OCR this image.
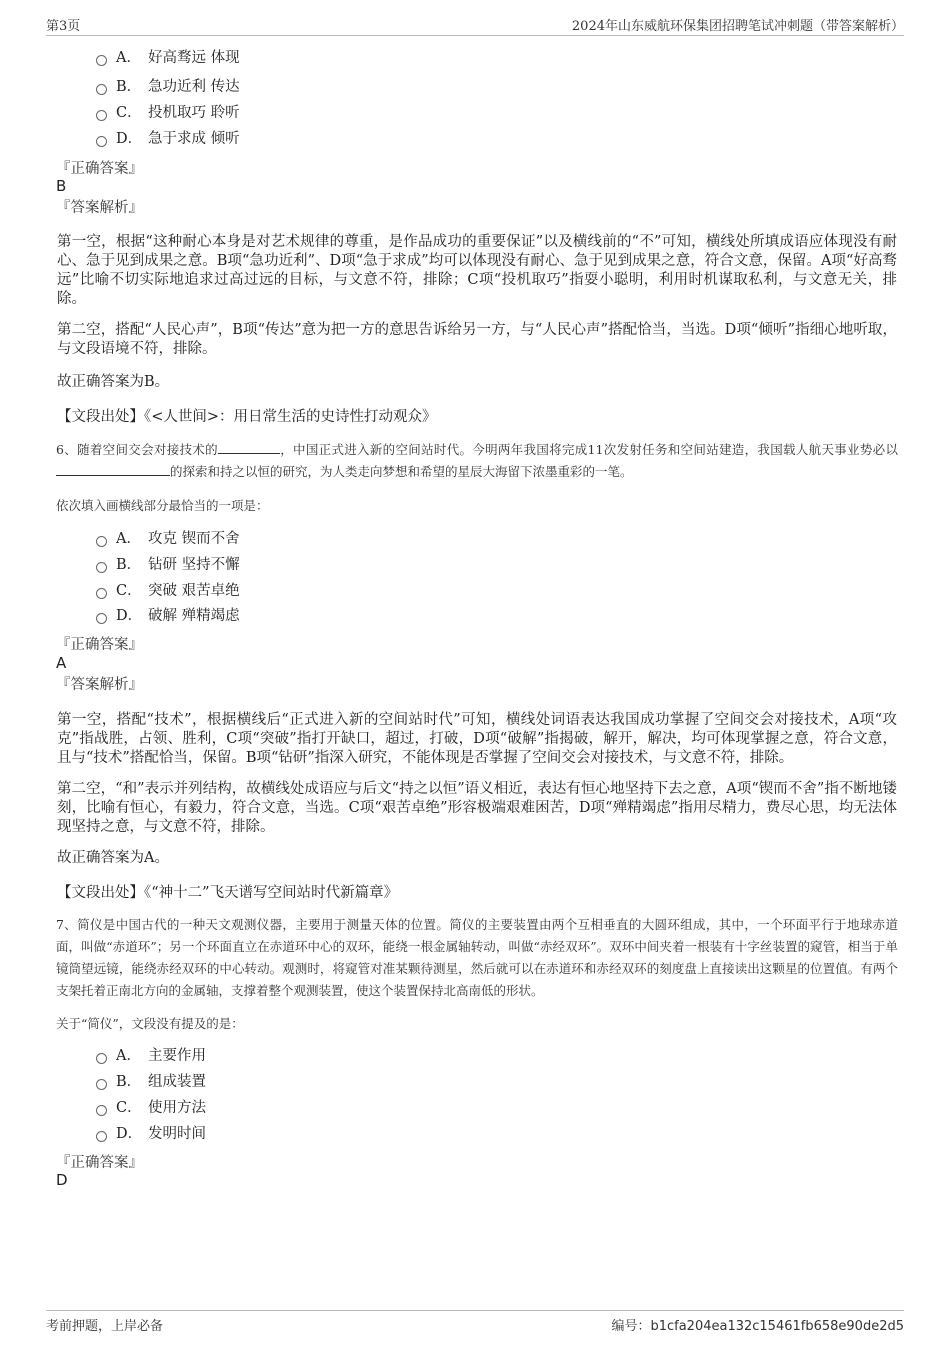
第3页	2024年山东威航环保集团招聘笔试冲刺题（带答案解析）
A． 好高骛远 体现
B． 急功近利 传达
C． 投机取巧 聆听
D． 急于求成 倾听
『正确答案』
B
『答案解析』
第一空，根据“这种耐心本身是对艺术规律的尊重，是作品成功的重要保证”以及横线前的“不”可知，横线处所填成语应体现没有耐心、急于见到成果之意。B项“急功近利”、D项“急于求成”均可以体现没有耐心、急于见到成果之意，符合文意，保留。A项“好高骛远”比喻不切实际地追求过高过远的目标，与文意不符，排除；C项“投机取巧”指耍小聪明，利用时机谋取私利，与文意无关，排除。
第二空，搭配“人民心声”，B项“传达”意为把一方的意思告诉给另一方，与“人民心声”搭配恰当，当选。D项“倾听”指细心地听取，与文段语境不符，排除。
故正确答案为B。
【文段出处】《<人世间>：用日常生活的史诗性打动观众》
6、随着空间交会对接技术的	，中国正式进入新的空间站时代。今明两年我国将完成11次发射任务和空间站建造，我国载人航天事业势必以的探索和持之以恒的研究，为人类走向梦想和希望的星辰大海留下浓墨重彩的一笔。
依次填入画横线部分最恰当的一项是：
A． 攻克 锲而不舍
B． 钻研 坚持不懈
C． 突破 艰苦卓绝
D． 破解 殚精竭虑
『正确答案』
A
『答案解析』
第一空，搭配“技术”，根据横线后“正式进入新的空间站时代”可知，横线处词语表达我国成功掌握了空间交会对接技术，A项“攻克”指战胜，占领、胜利，C项“突破”指打开缺口，超过，打破，D项“破解”指揭破，解开，解决，均可体现掌握之意，符合文意，且与“技术”搭配恰当，保留。B项“钻研”指深入研究，不能体现是否掌握了空间交会对接技术，与文意不符，排除。
第二空，“和”表示并列结构，故横线处成语应与后文“持之以恒”语义相近，表达有恒心地坚持下去之意，A项“锲而不舍”指不断地镂刻，比喻有恒心，有毅力，符合文意，当选。C项“艰苦卓绝”形容极端艰难困苦，D项“殚精竭虑”指用尽精力，费尽心思，均无法体现坚持之意，与文意不符，排除。
故正确答案为A。
【文段出处】《“神十二”飞天谱写空间站时代新篇章》
7、简仪是中国古代的一种天文观测仪器，主要用于测量天体的位置。简仪的主要装置由两个互相垂直的大圆环组成，其中，一个环面平行于地球赤道面，叫做“赤道环”；另一个环面直立在赤道环中心的双环，能绕一根金属轴转动，叫做“赤经双环”。双环中间夹着一根装有十字丝装置的窥管，相当于单镜筒望远镜，能绕赤经双环的中心转动。观测时，将窥管对准某颗待测星，然后就可以在赤道环和赤经双环的刻度盘上直接读出这颗星的位置值。有两个支架托着正南北方向的金属轴，支撑着整个观测装置，使这个装置保持北高南低的形状。
关于“简仪”，文段没有提及的是：
A． 主要作用
B． 组成装置
C． 使用方法
D． 发明时间
『正确答案』
D
考前押题，上岸必备	编号：b1cfa204ea132c15461fb658e90de2d5
